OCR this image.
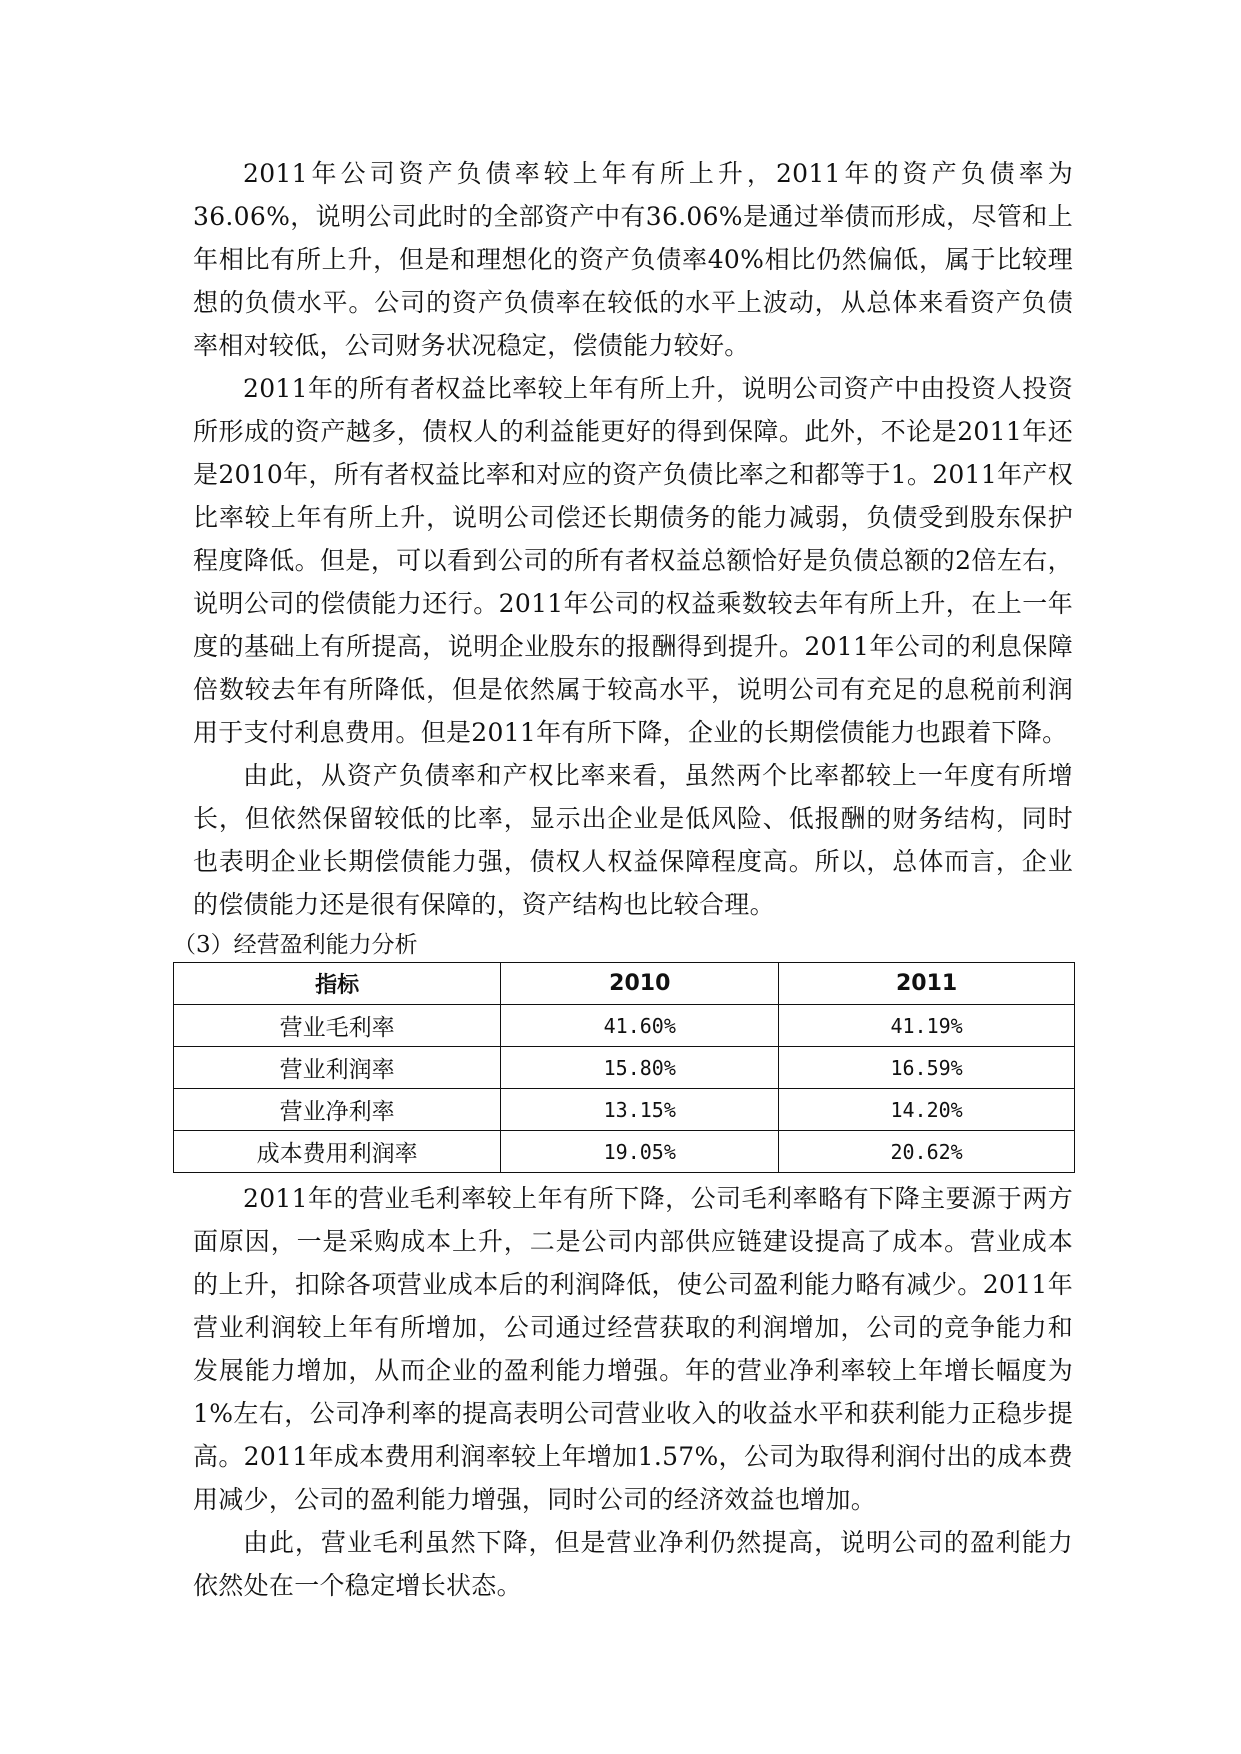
2011年公司资产负债率较上年有所上升，2011年的资产负债率为36.06%，说明公司此时的全部资产中有36.06%是通过举债而形成，尽管和上年相比有所上升，但是和理想化的资产负债率40%相比仍然偏低，属于比较理想的负债水平。公司的资产负债率在较低的水平上波动，从总体来看资产负债率相对较低，公司财务状况稳定，偿债能力较好。

2011年的所有者权益比率较上年有所上升，说明公司资产中由投资人投资所形成的资产越多，债权人的利益能更好的得到保障。此外，不论是2011年还是2010年，所有者权益比率和对应的资产负债比率之和都等于1。2011年产权比率较上年有所上升，说明公司偿还长期债务的能力减弱，负债受到股东保护程度降低。但是，可以看到公司的所有者权益总额恰好是负债总额的2倍左右，说明公司的偿债能力还行。2011年公司的权益乘数较去年有所上升，在上一年度的基础上有所提高，说明企业股东的报酬得到提升。2011年公司的利息保障倍数较去年有所降低，但是依然属于较高水平，说明公司有充足的息税前利润用于支付利息费用。但是2011年有所下降，企业的长期偿债能力也跟着下降。

由此，从资产负债率和产权比率来看，虽然两个比率都较上一年度有所增长，但依然保留较低的比率，显示出企业是低风险、低报酬的财务结构，同时也表明企业长期偿债能力强，债权人权益保障程度高。所以，总体而言，企业的偿债能力还是很有保障的，资产结构也比较合理。

（3）经营盈利能力分析
指标	2010	2011
营业毛利率	41.60%	41.19%
营业利润率	15.80%	16.59%
营业净利率	13.15%	14.20%
成本费用利润率	19.05%	20.62%

2011年的营业毛利率较上年有所下降，公司毛利率略有下降主要源于两方面原因，一是采购成本上升，二是公司内部供应链建设提高了成本。营业成本的上升，扣除各项营业成本后的利润降低，使公司盈利能力略有减少。2011年营业利润较上年有所增加，公司通过经营获取的利润增加，公司的竞争能力和发展能力增加，从而企业的盈利能力增强。年的营业净利率较上年增长幅度为1%左右，公司净利率的提高表明公司营业收入的收益水平和获利能力正稳步提高。2011年成本费用利润率较上年增加1.57%，公司为取得利润付出的成本费用减少，公司的盈利能力增强，同时公司的经济效益也增加。

由此，营业毛利虽然下降，但是营业净利仍然提高，说明公司的盈利能力依然处在一个稳定增长状态。
